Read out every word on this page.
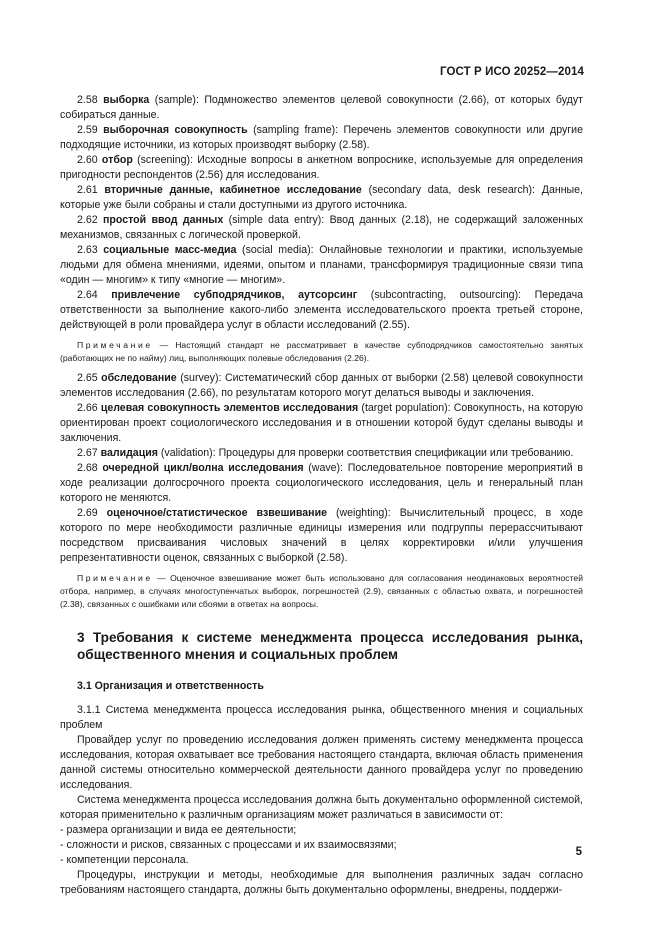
ГОСТ Р ИСО 20252—2014

2.58 выборка (sample): Подмножество элементов целевой совокупности (2.66), от которых будут собираться данные.

2.59 выборочная совокупность (sampling frame): Перечень элементов совокупности или другие подходящие источники, из которых производят выборку (2.58).

2.60 отбор (screening): Исходные вопросы в анкетном вопроснике, используемые для определения пригодности респондентов (2.56) для исследования.

2.61 вторичные данные, кабинетное исследование (secondary data, desk research): Данные, которые уже были собраны и стали доступными из другого источника.

2.62 простой ввод данных (simple data entry): Ввод данных (2.18), не содержащий заложенных механизмов, связанных с логической проверкой.

2.63 социальные масс-медиа (social media): Онлайновые технологии и практики, используемые людьми для обмена мнениями, идеями, опытом и планами, трансформируя традиционные связи типа «один — многим» к типу «многие — многим».

2.64 привлечение субподрядчиков, аутсорсинг (subcontracting, outsourcing): Передача ответственности за выполнение какого-либо элемента исследовательского проекта третьей стороне, действующей в роли провайдера услуг в области исследований (2.55).

Примечание — Настоящий стандарт не рассматривает в качестве субподрядчиков самостоятельно занятых (работающих не по найму) лиц, выполняющих полевые обследования (2.26).

2.65 обследование (survey): Систематический сбор данных от выборки (2.58) целевой совокупности элементов исследования (2.66), по результатам которого могут делаться выводы и заключения.

2.66 целевая совокупность элементов исследования (target population): Совокупность, на которую ориентирован проект социологического исследования и в отношении которой будут сделаны выводы и заключения.

2.67 валидация (validation): Процедуры для проверки соответствия спецификации или требованию.

2.68 очередной цикл/волна исследования (wave): Последовательное повторение мероприятий в ходе реализации долгосрочного проекта социологического исследования, цель и генеральный план которого не меняются.

2.69 оценочное/статистическое взвешивание (weighting): Вычислительный процесс, в ходе которого по мере необходимости различные единицы измерения или подгруппы перерассчитывают посредством присваивания числовых значений в целях корректировки и/или улучшения репрезентативности оценок, связанных с выборкой (2.58).

Примечание — Оценочное взвешивание может быть использовано для согласования неодинаковых вероятностей отбора, например, в случаях многоступенчатых выборок, погрешностей (2.9), связанных с областью охвата, и погрешностей (2.38), связанных с ошибками или сбоями в ответах на вопросы.

3 Требования к системе менеджмента процесса исследования рынка, общественного мнения и социальных проблем
3.1 Организация и ответственность

3.1.1 Система менеджмента процесса исследования рынка, общественного мнения и социальных проблем

Провайдер услуг по проведению исследования должен применять систему менеджмента процесса исследования, которая охватывает все требования настоящего стандарта, включая область применения данной системы относительно коммерческой деятельности данного провайдера услуг по проведению исследования.

Система менеджмента процесса исследования должна быть документально оформленной системой, которая применительно к различным организациям может различаться в зависимости от:

- размера организации и вида ее деятельности;

- сложности и рисков, связанных с процессами и их взаимосвязями;

- компетенции персонала.

Процедуры, инструкции и методы, необходимые для выполнения различных задач согласно требованиям настоящего стандарта, должны быть документально оформлены, внедрены, поддержи-

5
